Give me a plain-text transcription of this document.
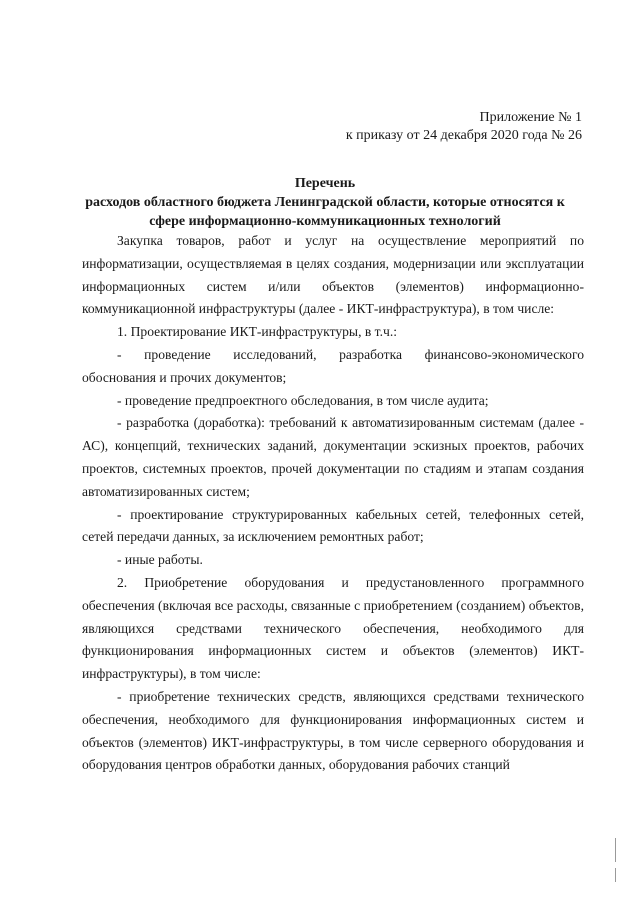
Приложение № 1
к приказу от 24 декабря 2020 года № 26
Перечень
расходов областного бюджета Ленинградской области, которые относятся к
сфере информационно-коммуникационных технологий

Закупка товаров, работ и услуг на осуществление мероприятий по информатизации, осуществляемая в целях создания, модернизации или эксплуатации информационных систем и/или объектов (элементов) информационно-коммуникационной инфраструктуры (далее - ИКТ-инфраструктура), в том числе:

1. Проектирование ИКТ-инфраструктуры, в т.ч.:

- проведение исследований, разработка финансово-экономического обоснования и прочих документов;

- проведение предпроектного обследования, в том числе аудита;

- разработка (доработка): требований к автоматизированным системам (далее - АС), концепций, технических заданий, документации эскизных проектов, рабочих проектов, системных проектов, прочей документации по стадиям и этапам создания автоматизированных систем;

- проектирование структурированных кабельных сетей, телефонных сетей, сетей передачи данных, за исключением ремонтных работ;

- иные работы.

2. Приобретение оборудования и предустановленного программного обеспечения (включая все расходы, связанные с приобретением (созданием) объектов, являющихся средствами технического обеспечения, необходимого для функционирования информационных систем и объектов (элементов) ИКТ-инфраструктуры), в том числе:

- приобретение технических средств, являющихся средствами технического обеспечения, необходимого для функционирования информационных систем и объектов (элементов) ИКТ-инфраструктуры, в том числе серверного оборудования и оборудования центров обработки данных, оборудования рабочих станций
